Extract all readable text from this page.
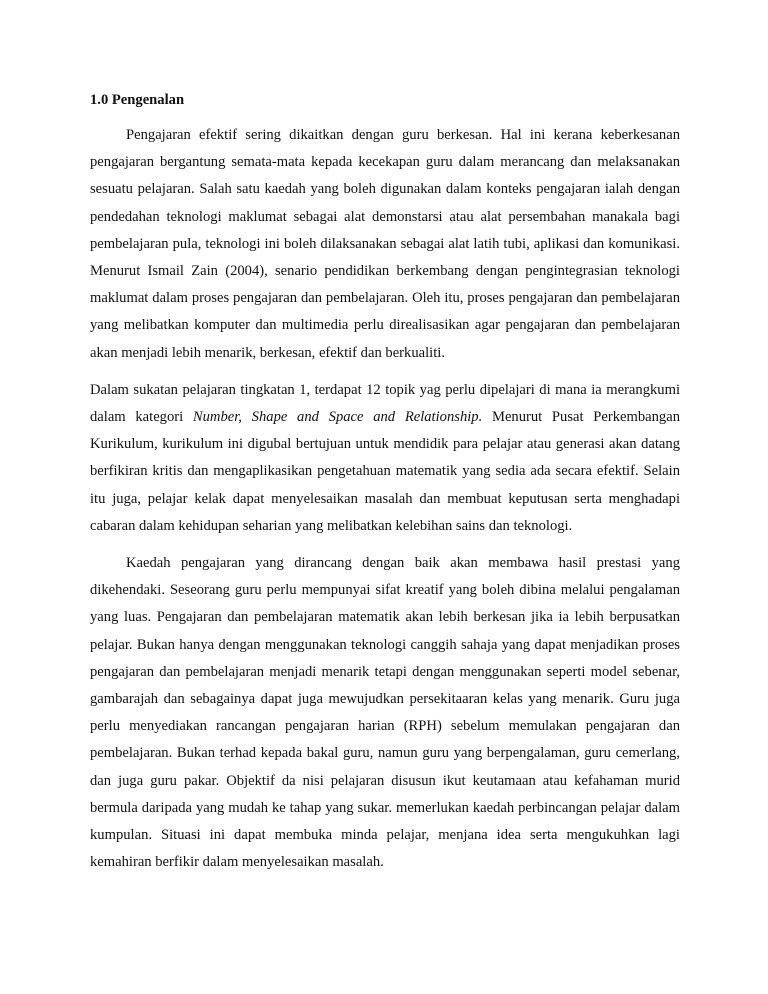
1.0 Pengenalan

Pengajaran efektif sering dikaitkan dengan guru berkesan. Hal ini kerana keberkesanan pengajaran bergantung semata-mata kepada kecekapan guru dalam merancang dan melaksanakan sesuatu pelajaran. Salah satu kaedah yang boleh digunakan dalam konteks pengajaran ialah dengan pendedahan teknologi maklumat sebagai alat demonstarsi atau alat persembahan manakala bagi pembelajaran pula, teknologi ini boleh dilaksanakan sebagai alat latih tubi, aplikasi dan komunikasi. Menurut Ismail Zain (2004), senario pendidikan berkembang dengan pengintegrasian teknologi maklumat dalam proses pengajaran dan pembelajaran. Oleh itu, proses pengajaran dan pembelajaran yang melibatkan komputer dan multimedia perlu direalisasikan agar pengajaran dan pembelajaran akan menjadi lebih menarik, berkesan, efektif dan berkualiti.

Dalam sukatan pelajaran tingkatan 1, terdapat 12 topik yag perlu dipelajari di mana ia merangkumi dalam kategori Number, Shape and Space and Relationship. Menurut Pusat Perkembangan Kurikulum, kurikulum ini digubal bertujuan untuk mendidik para pelajar atau generasi akan datang berfikiran kritis dan mengaplikasikan pengetahuan matematik yang sedia ada secara efektif. Selain itu juga, pelajar kelak dapat menyelesaikan masalah dan membuat keputusan serta menghadapi cabaran dalam kehidupan seharian yang melibatkan kelebihan sains dan teknologi.

Kaedah pengajaran yang dirancang dengan baik akan membawa hasil prestasi yang dikehendaki. Seseorang guru perlu mempunyai sifat kreatif yang boleh dibina melalui pengalaman yang luas. Pengajaran dan pembelajaran matematik akan lebih berkesan jika ia lebih berpusatkan pelajar. Bukan hanya dengan menggunakan teknologi canggih sahaja yang dapat menjadikan proses pengajaran dan pembelajaran menjadi menarik tetapi dengan menggunakan seperti model sebenar, gambarajah dan sebagainya dapat juga mewujudkan persekitaaran kelas yang menarik. Guru juga perlu menyediakan rancangan pengajaran harian (RPH) sebelum memulakan pengajaran dan pembelajaran. Bukan terhad kepada bakal guru, namun guru yang berpengalaman, guru cemerlang, dan juga guru pakar. Objektif da nisi pelajaran disusun ikut keutamaan atau kefahaman murid bermula daripada yang mudah ke tahap yang sukar. memerlukan kaedah perbincangan pelajar dalam kumpulan. Situasi ini dapat membuka minda pelajar, menjana idea serta mengukuhkan lagi kemahiran berfikir dalam menyelesaikan masalah.
